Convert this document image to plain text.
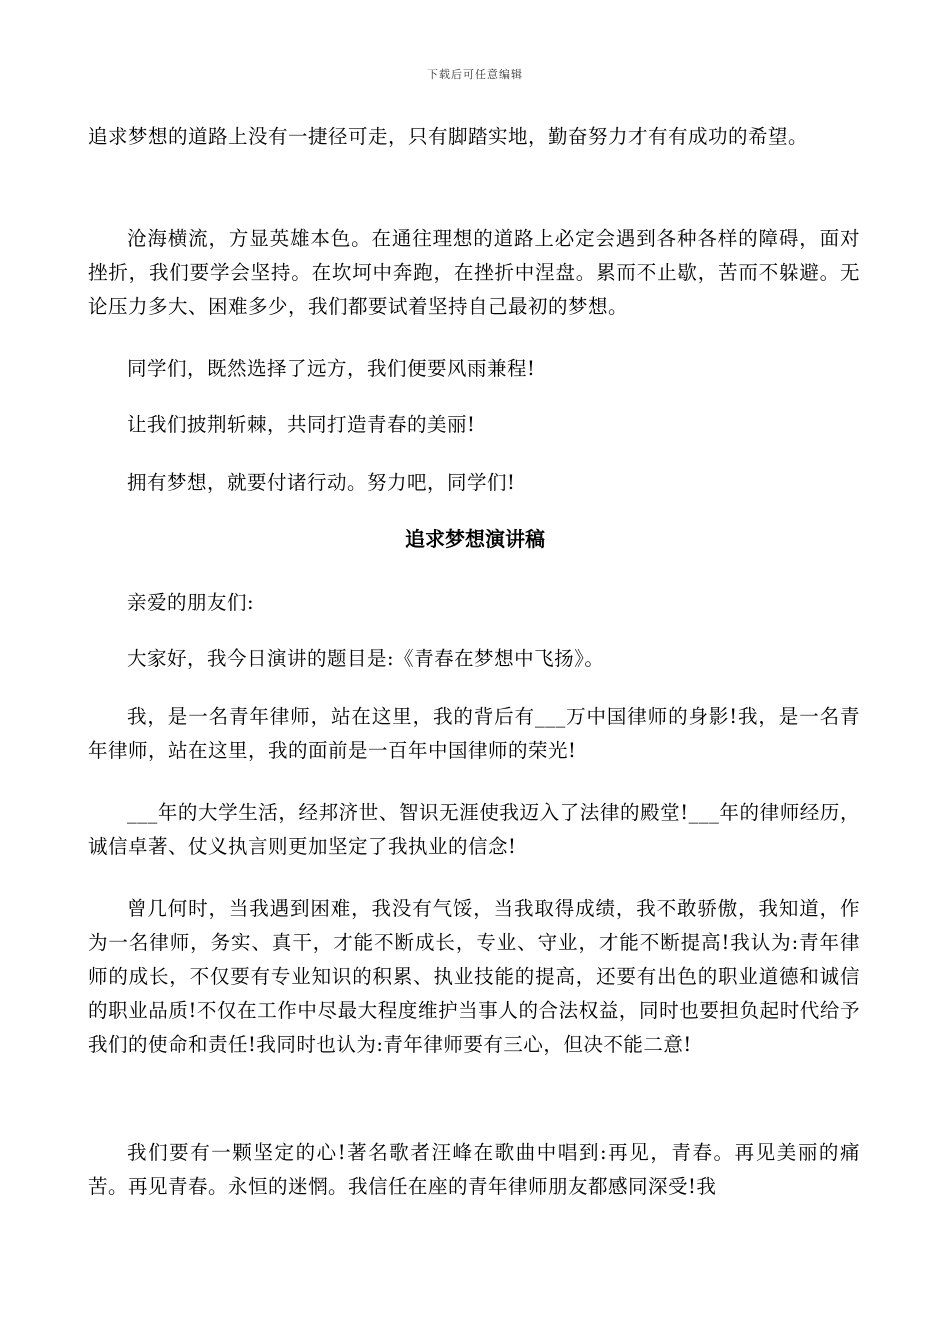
下载后可任意编辑

追求梦想的道路上没有一捷径可走，只有脚踏实地，勤奋努力才有有成功的希望。

沧海横流，方显英雄本色。在通往理想的道路上必定会遇到各种各样的障碍，面对挫折，我们要学会坚持。在坎坷中奔跑，在挫折中涅盘。累而不止歇，苦而不躲避。无论压力多大、困难多少，我们都要试着坚持自己最初的梦想。

同学们，既然选择了远方，我们便要风雨兼程!

让我们披荆斩棘，共同打造青春的美丽!

拥有梦想，就要付诸行动。努力吧，同学们!

追求梦想演讲稿

亲爱的朋友们:

大家好，我今日演讲的题目是:《青春在梦想中飞扬》。

我，是一名青年律师，站在这里，我的背后有___万中国律师的身影!我，是一名青年律师，站在这里，我的面前是一百年中国律师的荣光!

___年的大学生活，经邦济世、智识无涯使我迈入了法律的殿堂!___年的律师经历，诚信卓著、仗义执言则更加坚定了我执业的信念!

曾几何时，当我遇到困难，我没有气馁，当我取得成绩，我不敢骄傲，我知道，作为一名律师，务实、真干，才能不断成长，专业、守业，才能不断提高!我认为:青年律师的成长，不仅要有专业知识的积累、执业技能的提高，还要有出色的职业道德和诚信的职业品质!不仅在工作中尽最大程度维护当事人的合法权益，同时也要担负起时代给予我们的使命和责任!我同时也认为:青年律师要有三心，但决不能二意!

我们要有一颗坚定的心!著名歌者汪峰在歌曲中唱到:再见，青春。再见美丽的痛苦。再见青春。永恒的迷惘。我信任在座的青年律师朋友都感同深受!我
